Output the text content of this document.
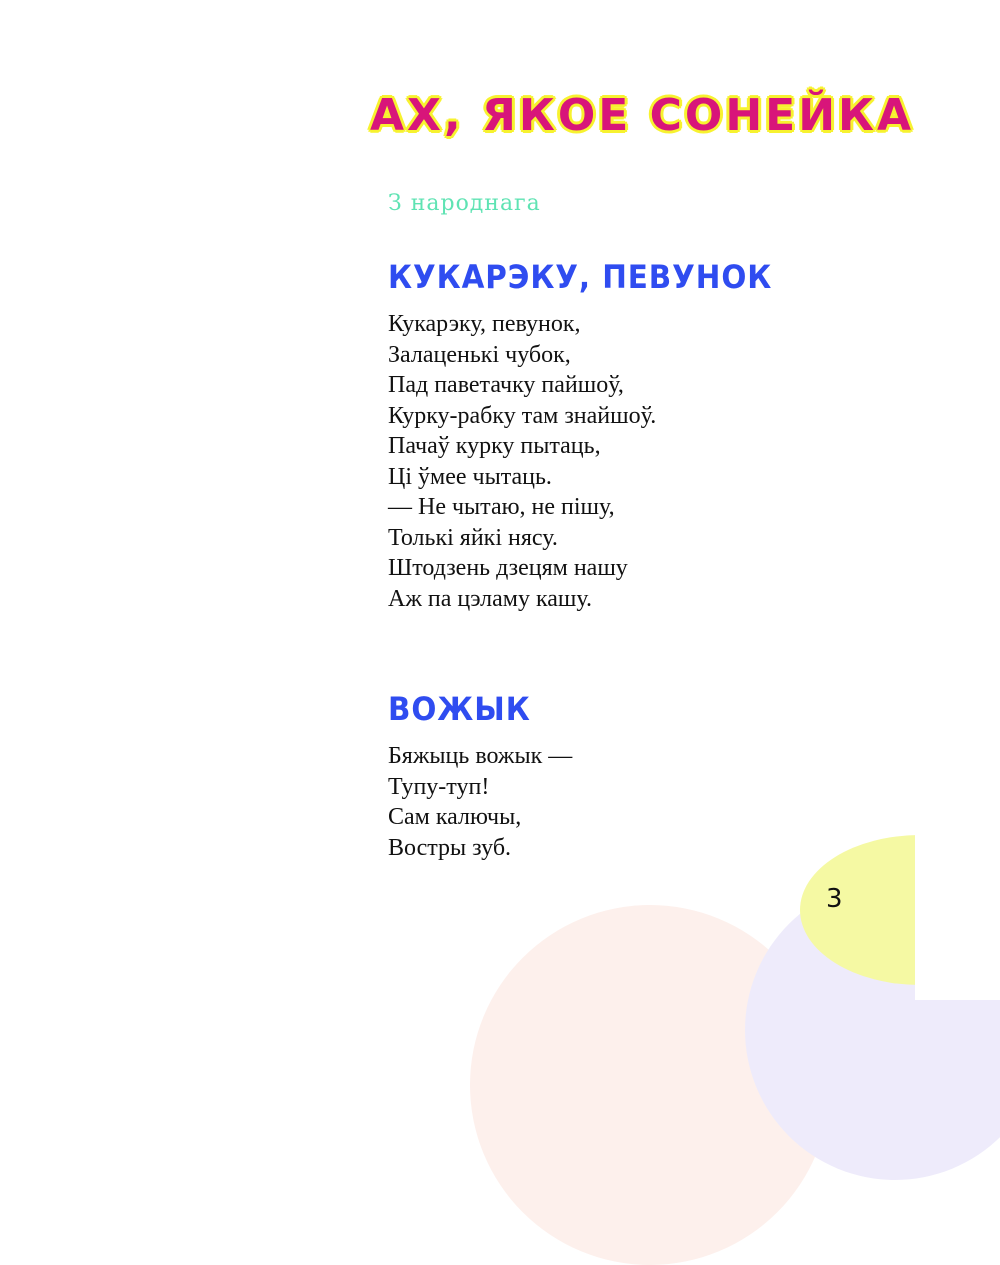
АХ, ЯКОЕ СОНЕЙКА
З народнага
КУКАРЭКУ, ПЕВУНОК
Кукарэку, певунок,
Залаценькі чубок,
Пад паветачку пайшоў,
Курку-рабку там знайшоў.
Пачаў курку пытаць,
Ці ўмее чытаць.
— Не чытаю, не пішу,
Толькі яйкі нясу.
Штодзень дзецям нашу
Аж па цэламу кашу.
ВОЖЫК
Бяжыць вожык —
Тупу-туп!
Сам калючы,
Востры зуб.
3
